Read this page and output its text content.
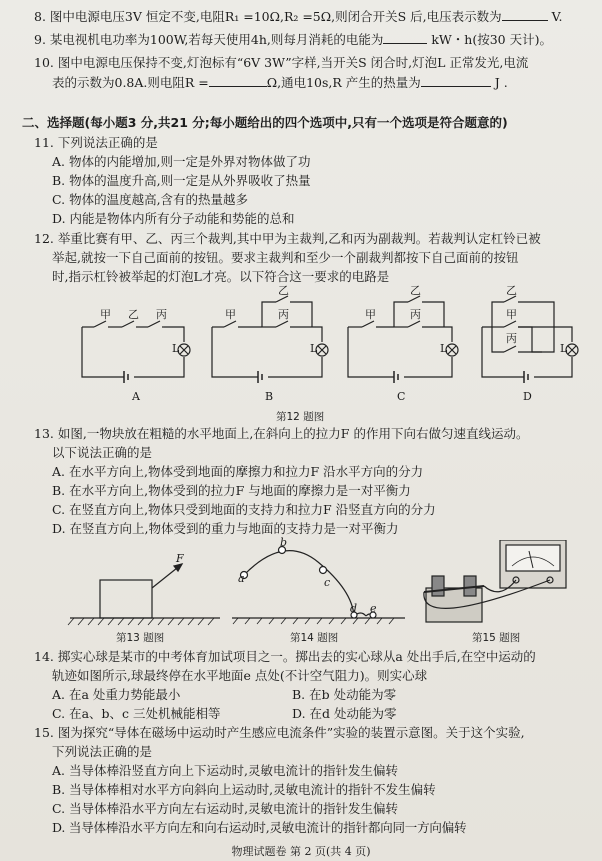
8. 图中电源电压3V 恒定不变,电阻R₁ =10Ω,R₂ =5Ω,则闭合开关S 后,电压表示数为	V.
9. 某电视机电功率为100W,若每天使用4h,则每月消耗的电能为	kW・h(按30 天计)。
10. 图中电源电压保持不变,灯泡标有“6V 3W”字样,当开关S 闭合时,灯泡L 正常发光,电流
表的示数为0.8A.则电阻R =	Ω,通电10s,R 产生的热量为	J .
二、选择题(每小题3 分,共21 分;每小题给出的四个选项中,只有一个选项是符合题意的)
11. 下列说法正确的是
A. 物体的内能增加,则一定是外界对物体做了功
B. 物体的温度升高,则一定是从外界吸收了热量
C. 物体的温度越高,含有的热量越多
D. 内能是物体内所有分子动能和势能的总和
12. 举重比赛有甲、乙、丙三个裁判,其中甲为主裁判,乙和丙为副裁判。若裁判认定杠铃已被
举起,就按一下自己面前的按钮。要求主裁判和至少一个副裁判都按下自己面前的按钮
时,指示杠铃被举起的灯泡L才亮。以下符合这一要求的电路是
甲 乙 丙	甲
乙
丙	甲
乙
丙
乙
甲
丙
L	L	L	L
A	B	C	D
第12 题图
13. 如图,一物块放在粗糙的水平地面上,在斜向上的拉力F 的作用下向右做匀速直线运动。
以下说法正确的是
A. 在水平方向上,物体受到地面的摩擦力和拉力F 沿水平方向的分力
B. 在水平方向上,物体受到的拉力F 与地面的摩擦力是一对平衡力
C. 在竖直方向上,物体只受到地面的支持力和拉力F 沿竖直方向的分力
D. 在竖直方向上,物体受到的重力与地面的支持力是一对平衡力
F
a
b
c
d e
第13 题图	第14 题图	第15 题图
14. 掷实心球是某市的中考体育加试项目之一。掷出去的实心球从a 处出手后,在空中运动的
轨迹如图所示,球最终停在水平地面e 点处(不计空气阻力)。则实心球
A. 在a 处重力势能最小	B. 在b 处动能为零
C. 在a、b、c 三处机械能相等	D. 在d 处动能为零
15. 图为探究“导体在磁场中运动时产生感应电流条件”实验的装置示意图。关于这个实验,
下列说法正确的是
A. 当导体棒沿竖直方向上下运动时,灵敏电流计的指针发生偏转
B. 当导体棒相对水平方向斜向上运动时,灵敏电流计的指针不发生偏转
C. 当导体棒沿水平方向左右运动时,灵敏电流计的指针发生偏转
D. 当导体棒沿水平方向左和向右运动时,灵敏电流计的指针都向同一方向偏转
物理试题卷 第 2 页(共 4 页)
